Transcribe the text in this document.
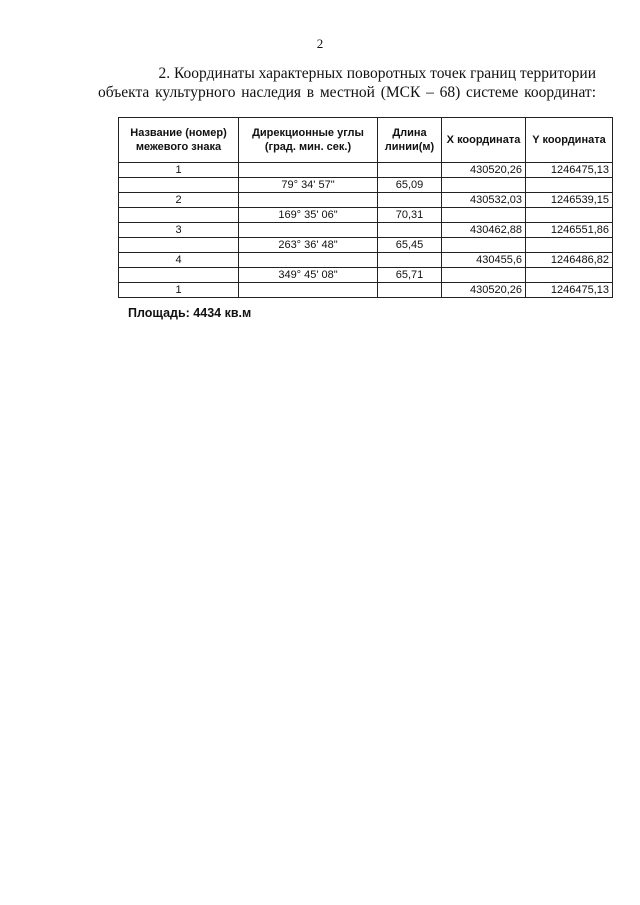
2
2. Координаты характерных поворотных точек границ территории
объекта культурного наследия в местной (МСК – 68) системе координат:
Название (номер) межевого знака	Дирекционные углы (град. мин. сек.)	Длина линии(м)	X координата	Y координата
1			430520,26	1246475,13
	79° 34' 57"	65,09		
2			430532,03	1246539,15
	169° 35' 06"	70,31		
3			430462,88	1246551,86
	263° 36' 48"	65,45		
4			430455,6	1246486,82
	349° 45' 08"	65,71		
1			430520,26	1246475,13
Площадь: 4434 кв.м
